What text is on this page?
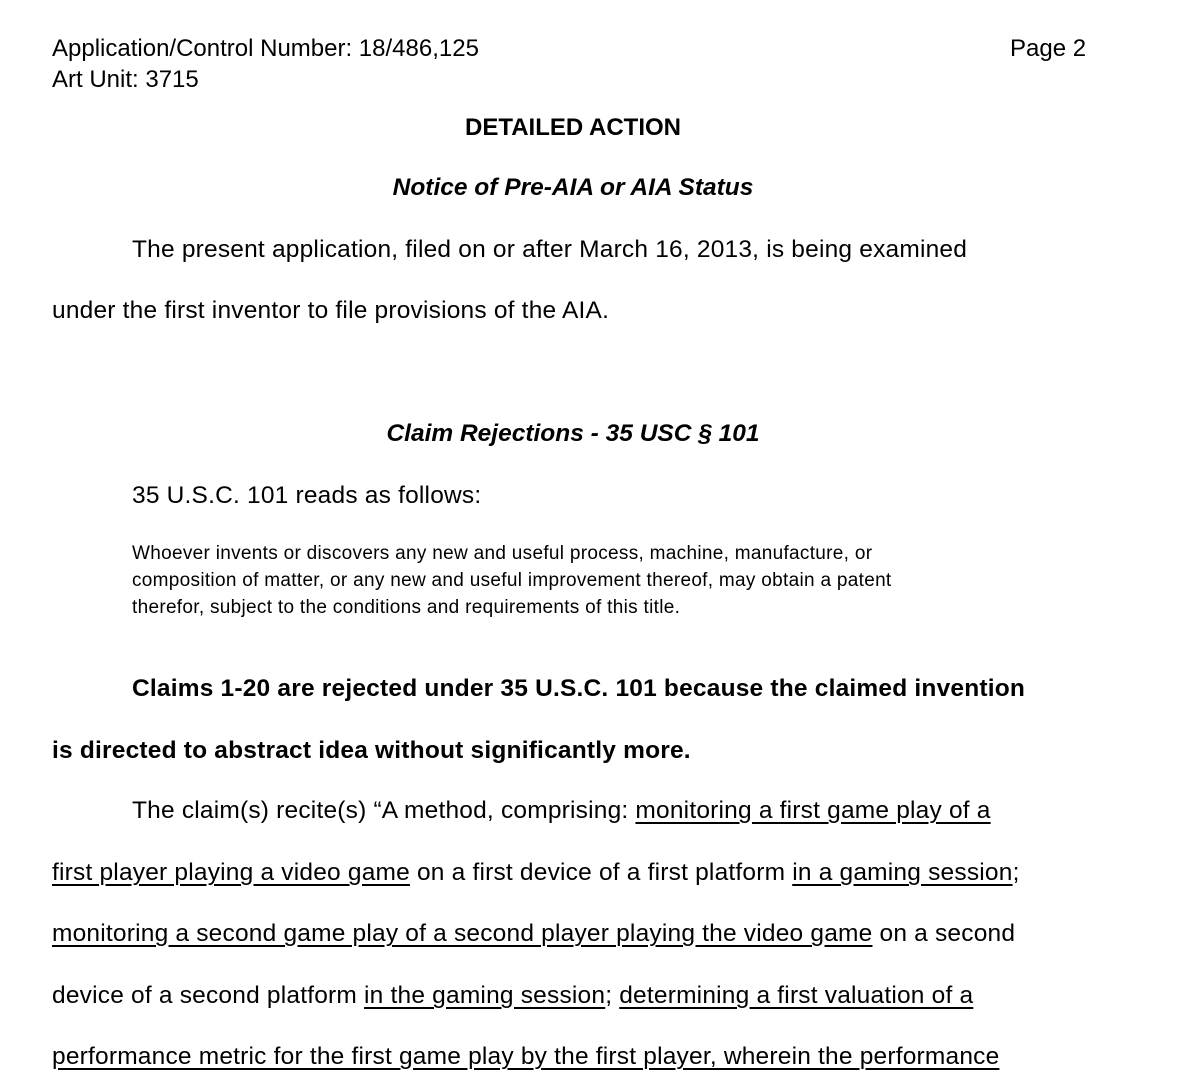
Application/Control Number: 18/486,125
Art Unit: 3715
Page 2
DETAILED ACTION
Notice of Pre-AIA or AIA Status
The present application, filed on or after March 16, 2013, is being examined
under the first inventor to file provisions of the AIA.
Claim Rejections - 35 USC § 101
35 U.S.C. 101 reads as follows:
Whoever invents or discovers any new and useful process, machine, manufacture, or
composition of matter, or any new and useful improvement thereof, may obtain a patent
therefor, subject to the conditions and requirements of this title.
Claims 1-20 are rejected under 35 U.S.C. 101 because the claimed invention
is directed to abstract idea without significantly more.
The claim(s) recite(s) “A method, comprising: monitoring a first game play of a
first player playing a video game on a first device of a first platform in a gaming session;
monitoring a second game play of a second player playing the video game on a second
device of a second platform in the gaming session; determining a first valuation of a
performance metric for the first game play by the first player, wherein the performance
